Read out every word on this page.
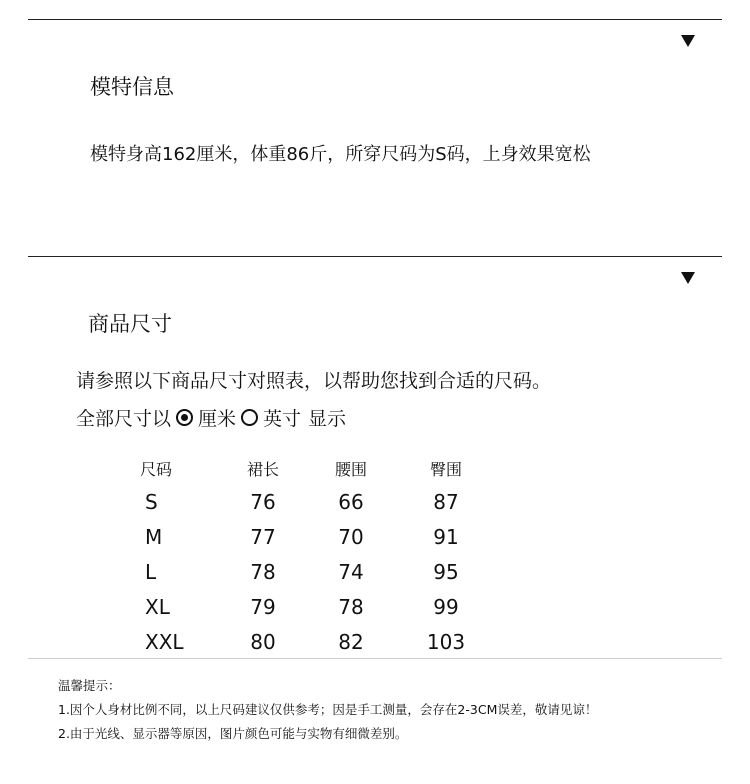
模特信息
模特身高162厘米，体重86斤，所穿尺码为S码，上身效果宽松
商品尺寸
请参照以下商品尺寸对照表，以帮助您找到合适的尺码。
全部尺寸以 厘米 英寸 显示
尺码	裙长	腰围	臀围
S	76	66	87
M	77	70	91
L	78	74	95
XL	79	78	99
XXL	80	82	103
温馨提示：
1.因个人身材比例不同，以上尺码建议仅供参考；因是手工测量，会存在2-3CM误差，敬请见谅！
2.由于光线、显示器等原因，图片颜色可能与实物有细微差别。
